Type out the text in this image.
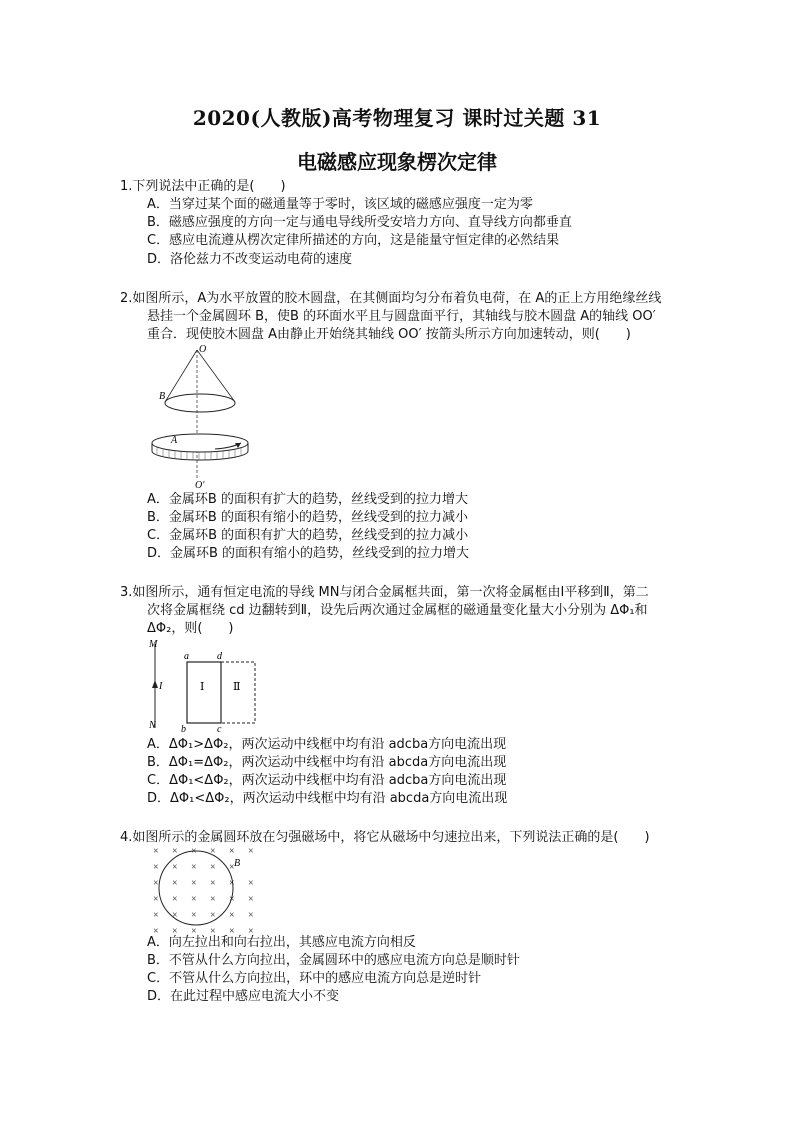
2020(人教版)高考物理复习 课时过关题 31
电磁感应现象楞次定律
1.下列说法中正确的是(　　)
A．当穿过某个面的磁通量等于零时，该区域的磁感应强度一定为零
B．磁感应强度的方向一定与通电导线所受安培力方向、直导线方向都垂直
C．感应电流遵从楞次定律所描述的方向，这是能量守恒定律的必然结果
D．洛伦兹力不改变运动电荷的速度
2.如图所示，A为水平放置的胶木圆盘，在其侧面均匀分布着负电荷，在 A的正上方用绝缘丝线
悬挂一个金属圆环 B，使B 的环面水平且与圆盘面平行，其轴线与胶木圆盘 A的轴线 OO′
重合．现使胶木圆盘 A由静止开始绕其轴线 OO′ 按箭头所示方向加速转动，则(　　)
O
B
A
O′
A．金属环B 的面积有扩大的趋势，丝线受到的拉力增大
B．金属环B 的面积有缩小的趋势，丝线受到的拉力减小
C．金属环B 的面积有扩大的趋势，丝线受到的拉力减小
D．金属环B 的面积有缩小的趋势，丝线受到的拉力增大
3.如图所示，通有恒定电流的导线 MN与闭合金属框共面，第一次将金属框由Ⅰ平移到Ⅱ，第二
次将金属框绕 cd 边翻转到Ⅱ，设先后两次通过金属框的磁通量变化量大小分别为 ΔΦ₁和
ΔΦ₂，则(　　)
M
N
I
a	d
b	c
Ⅰ	Ⅱ
A．ΔΦ₁>ΔΦ₂，两次运动中线框中均有沿 adcba方向电流出现
B．ΔΦ₁=ΔΦ₂，两次运动中线框中均有沿 abcda方向电流出现
C．ΔΦ₁<ΔΦ₂，两次运动中线框中均有沿 adcba方向电流出现
D．ΔΦ₁<ΔΦ₂，两次运动中线框中均有沿 abcda方向电流出现
4.如图所示的金属圆环放在匀强磁场中，将它从磁场中匀速拉出来，下列说法正确的是(　　)
B
× × × × × ×
× × × × ×
× × × × × ×
× × × × × ×
× × × × × ×
× × × × × ×
A．向左拉出和向右拉出，其感应电流方向相反
B．不管从什么方向拉出，金属圆环中的感应电流方向总是顺时针
C．不管从什么方向拉出，环中的感应电流方向总是逆时针
D．在此过程中感应电流大小不变
